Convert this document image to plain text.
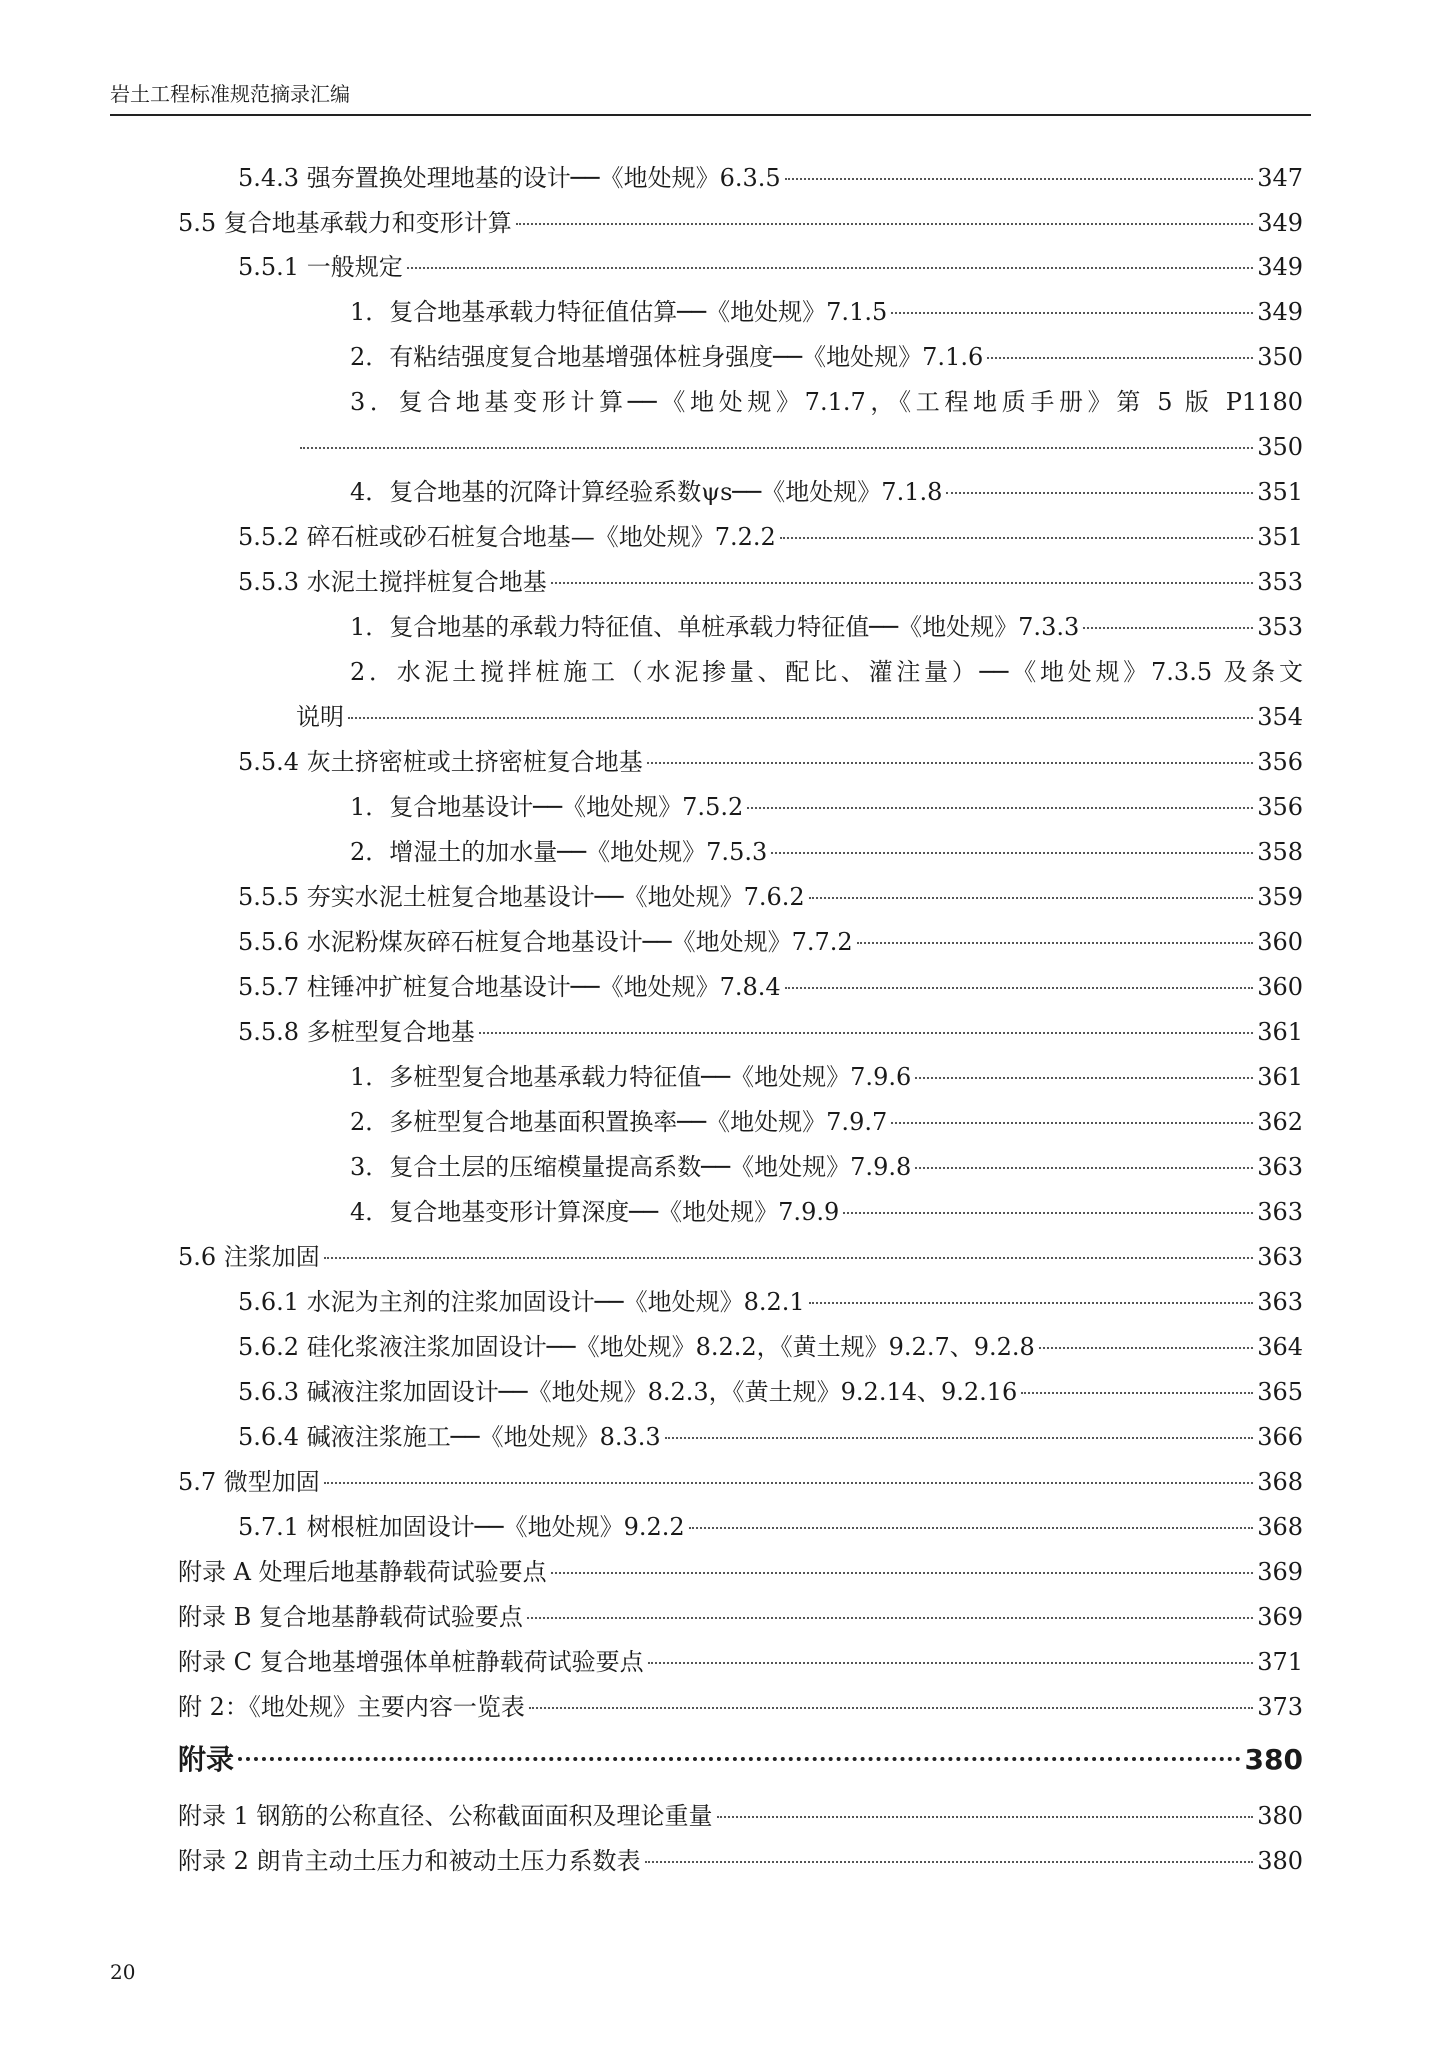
岩土工程标准规范摘录汇编
5.4.3 强夯置换处理地基的设计──《地处规》6.3.5	347
5.5 复合地基承载力和变形计算	349
5.5.1 一般规定	349
1．复合地基承载力特征值估算──《地处规》7.1.5	349
2．有粘结强度复合地基增强体桩身强度──《地处规》7.1.6	350
3．复合地基变形计算──《地处规》7.1.7，《工程地质手册》第 5 版 P1180
350
4．复合地基的沉降计算经验系数ψs──《地处规》7.1.8	351
5.5.2 碎石桩或砂石桩复合地基—《地处规》7.2.2	351
5.5.3 水泥土搅拌桩复合地基	353
1．复合地基的承载力特征值、单桩承载力特征值──《地处规》7.3.3	353
2．水泥土搅拌桩施工（水泥掺量、配比、灌注量）──《地处规》7.3.5 及条文
说明	354
5.5.4 灰土挤密桩或土挤密桩复合地基	356
1．复合地基设计──《地处规》7.5.2	356
2．增湿土的加水量──《地处规》7.5.3	358
5.5.5 夯实水泥土桩复合地基设计──《地处规》7.6.2	359
5.5.6 水泥粉煤灰碎石桩复合地基设计──《地处规》7.7.2	360
5.5.7 柱锤冲扩桩复合地基设计──《地处规》7.8.4	360
5.5.8 多桩型复合地基	361
1．多桩型复合地基承载力特征值──《地处规》7.9.6	361
2．多桩型复合地基面积置换率──《地处规》7.9.7	362
3．复合土层的压缩模量提高系数──《地处规》7.9.8	363
4．复合地基变形计算深度──《地处规》7.9.9	363
5.6 注浆加固	363
5.6.1 水泥为主剂的注浆加固设计──《地处规》8.2.1	363
5.6.2 硅化浆液注浆加固设计──《地处规》8.2.2，《黄土规》9.2.7、9.2.8	364
5.6.3 碱液注浆加固设计──《地处规》8.2.3，《黄土规》9.2.14、9.2.16	365
5.6.4 碱液注浆施工──《地处规》8.3.3	366
5.7 微型加固	368
5.7.1 树根桩加固设计──《地处规》9.2.2	368
附录 A 处理后地基静载荷试验要点	369
附录 B 复合地基静载荷试验要点	369
附录 C 复合地基增强体单桩静载荷试验要点	371
附 2：《地处规》主要内容一览表	373
附录	380
附录 1 钢筋的公称直径、公称截面面积及理论重量	380
附录 2 朗肯主动土压力和被动土压力系数表	380
20
